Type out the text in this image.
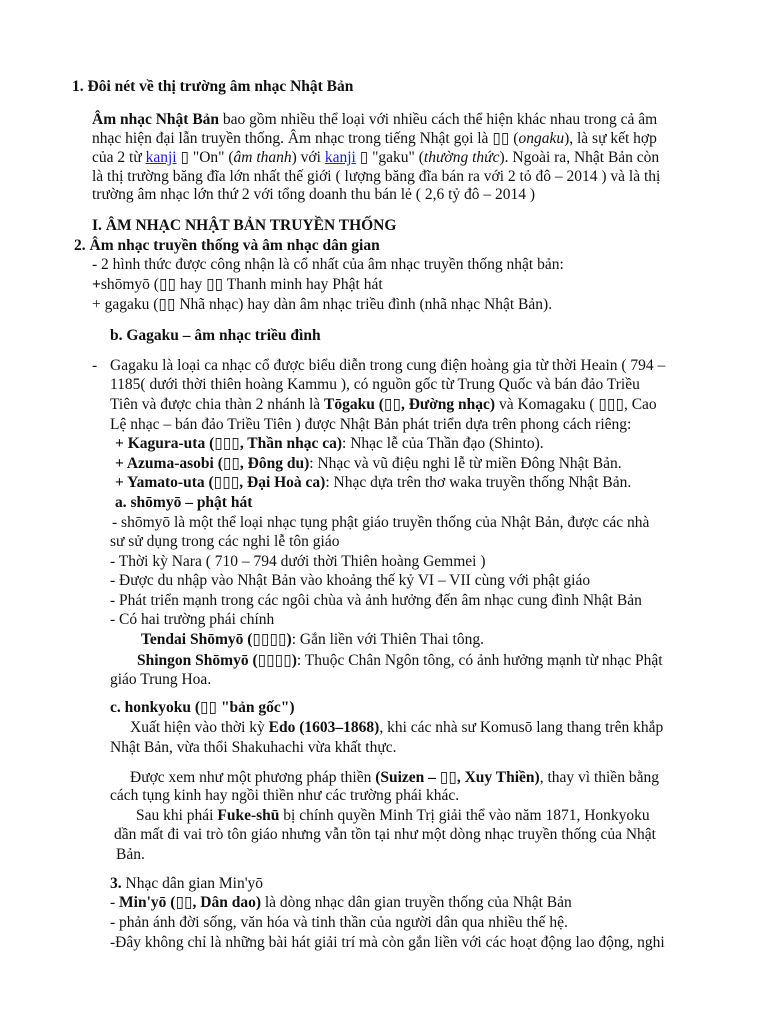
1. Đôi nét về thị trường âm nhạc Nhật Bản
Âm nhạc Nhật Bản bao gồm nhiều thể loại với nhiều cách thể hiện khác nhau trong cả âm
nhạc hiện đại lẫn truyền thống. Âm nhạc trong tiếng Nhật gọi là ▯▯ (ongaku), là sự kết hợp
của 2 từ kanji ▯ "On" (âm thanh) với kanji ▯ "gaku" (thường thức). Ngoài ra, Nhật Bản còn
là thị trường băng đĩa lớn nhất thế giới ( lượng băng đĩa bán ra với 2 tỏ đô – 2014 ) và là thị
trường âm nhạc lớn thứ 2 với tổng doanh thu bán lẻ ( 2,6 tỷ đô – 2014 )
I. ÂM NHẠC NHẬT BẢN TRUYỀN THỐNG
2. Âm nhạc truyền thống và âm nhạc dân gian
- 2 hình thức được công nhận là cổ nhất của âm nhạc truyền thống nhật bản:
+shōmyō (▯▯ hay ▯▯ Thanh minh hay Phật hát
+ gagaku (▯▯ Nhã nhạc) hay dàn âm nhạc triều đình (nhã nhạc Nhật Bản).
b. Gagaku – âm nhạc triều đình
- Gagaku là loại ca nhạc cổ được biểu diễn trong cung điện hoàng gia từ thời Heain ( 794 –
1185( dưới thời thiên hoàng Kammu ), có nguồn gốc từ Trung Quốc và bán đảo Triều
Tiên và được chia thàn 2 nhánh là Tōgaku (▯▯, Đường nhạc) và Komagaku ( ▯▯▯, Cao
Lệ nhạc – bán đảo Triều Tiên ) được Nhật Bản phát triển dựa trên phong cách riêng:
+ Kagura-uta (▯▯▯, Thần nhạc ca): Nhạc lễ của Thần đạo (Shinto).
+ Azuma-asobi (▯▯, Đông du): Nhạc và vũ điệu nghi lễ từ miền Đông Nhật Bản.
+ Yamato-uta (▯▯▯, Đại Hoà ca): Nhạc dựa trên thơ waka truyền thống Nhật Bản.
a. shōmyō – phật hát
- shōmyō là một thể loại nhạc tụng phật giáo truyền thống của Nhật Bản, được các nhà
sư sử dụng trong các nghi lễ tôn giáo
- Thời kỳ Nara ( 710 – 794 dưới thời Thiên hoàng Gemmei )
- Được du nhập vào Nhật Bản vào khoảng thế kỷ VI – VII cùng với phật giáo
- Phát triển mạnh trong các ngôi chùa và ảnh hưởng đến âm nhạc cung đình Nhật Bản
- Có hai trường phái chính
Tendai Shōmyō (▯▯▯▯): Gắn liền với Thiên Thai tông.
Shingon Shōmyō (▯▯▯▯): Thuộc Chân Ngôn tông, có ảnh hưởng mạnh từ nhạc Phật
giáo Trung Hoa.
c. honkyoku (▯▯ "bản gốc")
Xuất hiện vào thời kỳ Edo (1603–1868), khi các nhà sư Komusō lang thang trên khắp
Nhật Bản, vừa thổi Shakuhachi vừa khất thực.
Được xem như một phương pháp thiền (Suizen – ▯▯, Xuy Thiền), thay vì thiền bằng
cách tụng kinh hay ngồi thiền như các trường phái khác.
Sau khi phái Fuke-shū bị chính quyền Minh Trị giải thể vào năm 1871, Honkyoku
dần mất đi vai trò tôn giáo nhưng vẫn tồn tại như một dòng nhạc truyền thống của Nhật
Bản.
3. Nhạc dân gian Min'yō
- Min'yō (▯▯, Dân dao) là dòng nhạc dân gian truyền thống của Nhật Bản
- phản ánh đời sống, văn hóa và tinh thần của người dân qua nhiều thế hệ.
-Đây không chỉ là những bài hát giải trí mà còn gắn liền với các hoạt động lao động, nghi
